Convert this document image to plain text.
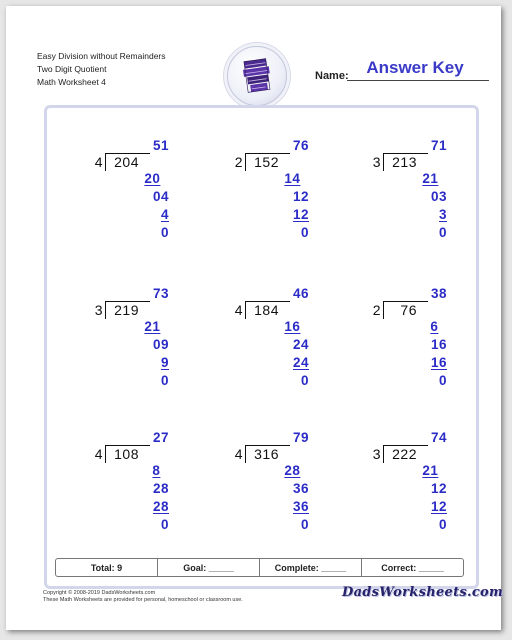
Easy Division without Remainders
Two Digit Quotient
Math Worksheet 4
Answer Key
Name:
51
4 204
20
04
4
0
76
2 152
14
12
12
0
71
3 213
21
03
3
0
73
3 219
21
09
9
0
46
4 184
16
24
24
0
38
2	76
6
16
16
0
27
4 108
8
28
28
0
79
4 316
28
36
36
0
74
3 222
21
12
12
0
Total: 9	Goal: _____	Complete: _____	Correct: _____
Copyright © 2008-2019 DadsWorksheets.com
These Math Worksheets are provided for personal, homeschool or classroom use.	DadsWorksheets.com
